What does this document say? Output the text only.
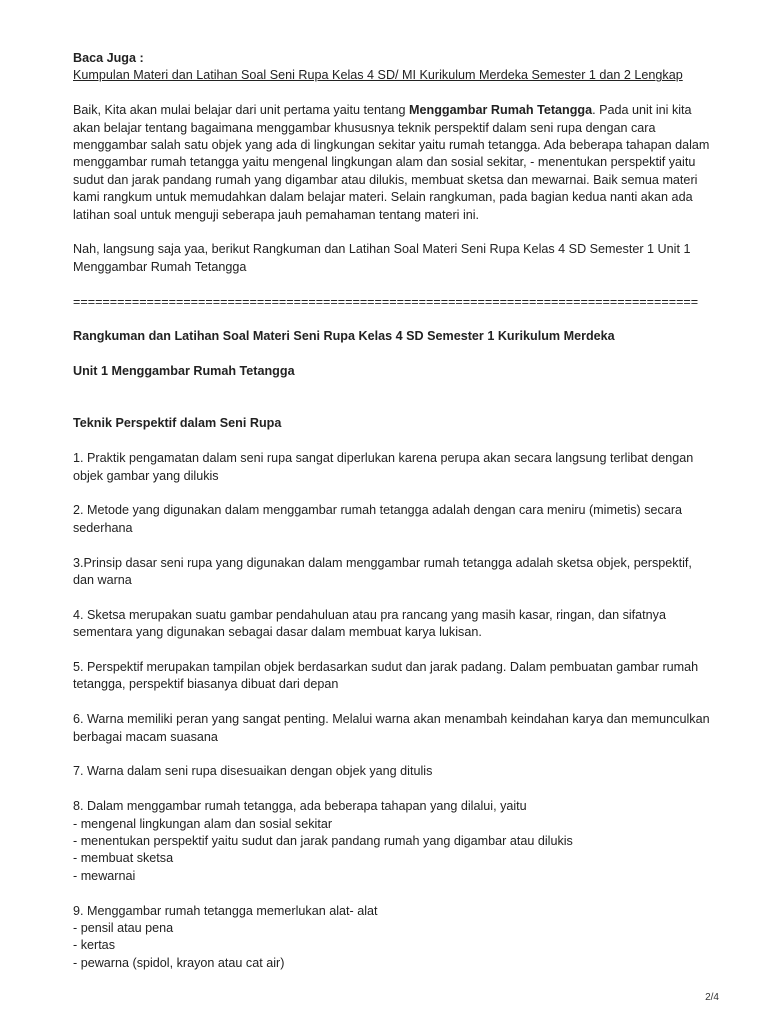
Baca Juga :
Kumpulan Materi dan Latihan Soal Seni Rupa Kelas 4 SD/ MI Kurikulum Merdeka Semester 1 dan 2 Lengkap

Baik, Kita akan mulai belajar dari unit pertama yaitu tentang Menggambar Rumah Tetangga. Pada unit ini kita akan belajar tentang bagaimana menggambar khususnya teknik perspektif dalam seni rupa dengan cara menggambar salah satu objek yang ada di lingkungan sekitar yaitu rumah tetangga. Ada beberapa tahapan dalam menggambar rumah tetangga yaitu mengenal lingkungan alam dan sosial sekitar, - menentukan perspektif yaitu sudut dan jarak pandang rumah yang digambar atau dilukis, membuat sketsa dan mewarnai. Baik semua materi kami rangkum untuk memudahkan dalam belajar materi. Selain rangkuman, pada bagian kedua nanti akan ada latihan soal untuk menguji seberapa jauh pemahaman tentang materi ini.

Nah, langsung saja yaa, berikut Rangkuman dan Latihan Soal Materi Seni Rupa Kelas 4 SD Semester 1 Unit 1 Menggambar Rumah Tetangga

=====================================================================================

Rangkuman dan Latihan Soal Materi Seni Rupa Kelas 4 SD Semester 1 Kurikulum Merdeka

Unit 1 Menggambar Rumah Tetangga

Teknik Perspektif dalam Seni Rupa

1. Praktik pengamatan dalam seni rupa sangat diperlukan karena perupa akan secara langsung terlibat dengan objek gambar yang dilukis

2. Metode yang digunakan dalam menggambar rumah tetangga adalah dengan cara meniru (mimetis) secara sederhana

3.Prinsip dasar seni rupa yang digunakan dalam menggambar rumah tetangga adalah sketsa objek, perspektif, dan warna

4. Sketsa merupakan suatu gambar pendahuluan atau pra rancang yang masih kasar, ringan, dan sifatnya sementara yang digunakan sebagai dasar dalam membuat karya lukisan.

5. Perspektif merupakan tampilan objek berdasarkan sudut dan jarak padang. Dalam pembuatan gambar rumah tetangga, perspektif biasanya dibuat dari depan

6. Warna memiliki peran yang sangat penting. Melalui warna akan menambah keindahan karya dan memunculkan berbagai macam suasana

7. Warna dalam seni rupa disesuaikan dengan objek yang ditulis

8. Dalam menggambar rumah tetangga, ada beberapa tahapan yang dilalui, yaitu

- mengenal lingkungan alam dan sosial sekitar

- menentukan perspektif yaitu sudut dan jarak pandang rumah yang digambar atau dilukis

- membuat sketsa

- mewarnai

9. Menggambar rumah tetangga memerlukan alat- alat

- pensil atau pena

- kertas

- pewarna (spidol, krayon atau cat air)

2/4
